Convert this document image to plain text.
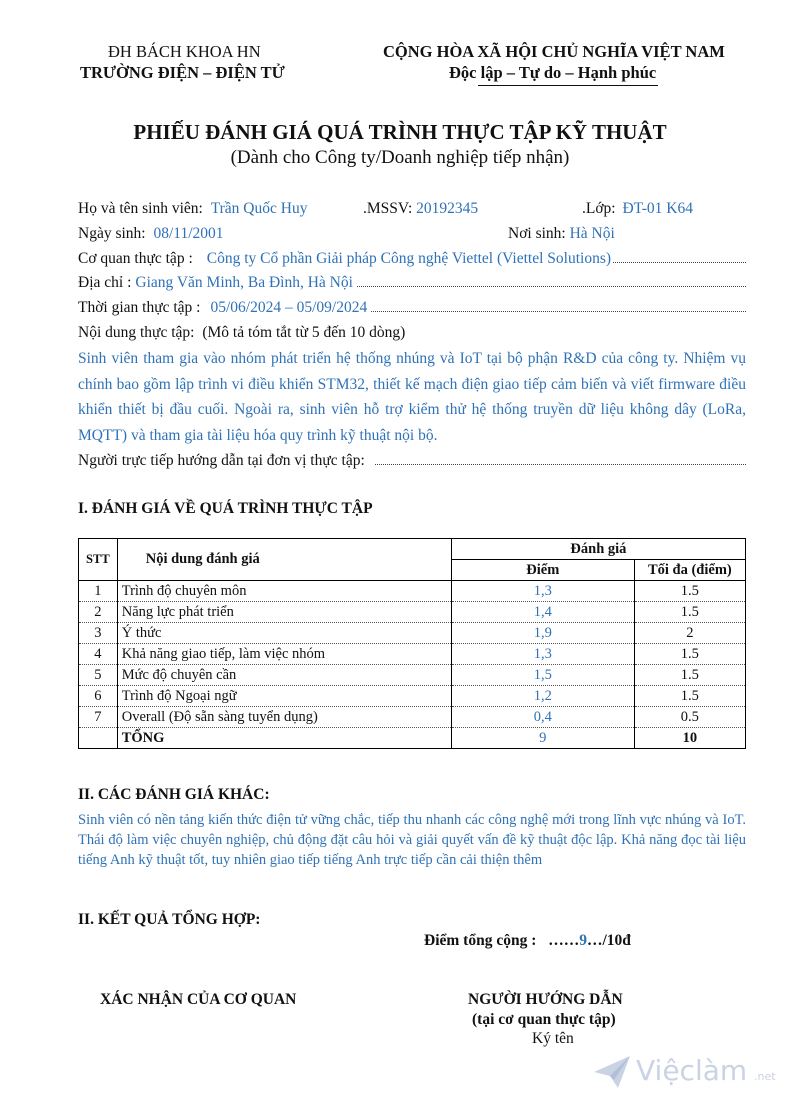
ĐH BÁCH KHOA HN
TRƯỜNG ĐIỆN – ĐIỆN TỬ
CỘNG HÒA XÃ HỘI CHỦ NGHĨA VIỆT NAM
Độc lập – Tự do – Hạnh phúc
PHIẾU ĐÁNH GIÁ QUÁ TRÌNH THỰC TẬP KỸ THUẬT
(Dành cho Công ty/Doanh nghiệp tiếp nhận)
Họ và tên sinh viên: Trần Quốc Huy	.MSSV: 20192345	.Lớp: ĐT-01 K64
Ngày sinh: 08/11/2001	Nơi sinh: Hà Nội
Cơ quan thực tập : Công ty Cổ phần Giải pháp Công nghệ Viettel (Viettel Solutions)
Địa chỉ : Giang Văn Minh, Ba Đình, Hà Nội
Thời gian thực tập : 05/06/2024 – 05/09/2024
Nội dung thực tập: (Mô tả tóm tắt từ 5 đến 10 dòng)
Sinh viên tham gia vào nhóm phát triển hệ thống nhúng và IoT tại bộ phận R&D của công ty. Nhiệm vụ chính bao gồm lập trình vi điều khiển STM32, thiết kế mạch điện giao tiếp cảm biến và viết firmware điều khiển thiết bị đầu cuối. Ngoài ra, sinh viên hỗ trợ kiểm thử hệ thống truyền dữ liệu không dây (LoRa, MQTT) và tham gia tài liệu hóa quy trình kỹ thuật nội bộ.
Người trực tiếp hướng dẫn tại đơn vị thực tập:
I. ĐÁNH GIÁ VỀ QUÁ TRÌNH THỰC TẬP
STT	Nội dung đánh giá	Đánh giá	
		Điểm	Tối đa (điểm)
1	Trình độ chuyên môn	1,3	1.5
2	Năng lực phát triển	1,4	1.5
3	Ý thức	1,9	2
4	Khả năng giao tiếp, làm việc nhóm	1,3	1.5
5	Mức độ chuyên cần	1,5	1.5
6	Trình độ Ngoại ngữ	1,2	1.5
7	Overall (Độ sẵn sàng tuyển dụng)	0,4	0.5
	TỔNG	9	10
II. CÁC ĐÁNH GIÁ KHÁC:
Sinh viên có nền tảng kiến thức điện tử vững chắc, tiếp thu nhanh các công nghệ mới trong lĩnh vực nhúng và IoT. Thái độ làm việc chuyên nghiệp, chủ động đặt câu hỏi và giải quyết vấn đề kỹ thuật độc lập. Khả năng đọc tài liệu tiếng Anh kỹ thuật tốt, tuy nhiên giao tiếp tiếng Anh trực tiếp cần cải thiện thêm
II. KẾT QUẢ TỔNG HỢP:
Điểm tổng cộng : ……9…/10đ
XÁC NHẬN CỦA CƠ QUAN	NGƯỜI HƯỚNG DẪN
(tại cơ quan thực tập)
Ký tên
Việclàm .net
